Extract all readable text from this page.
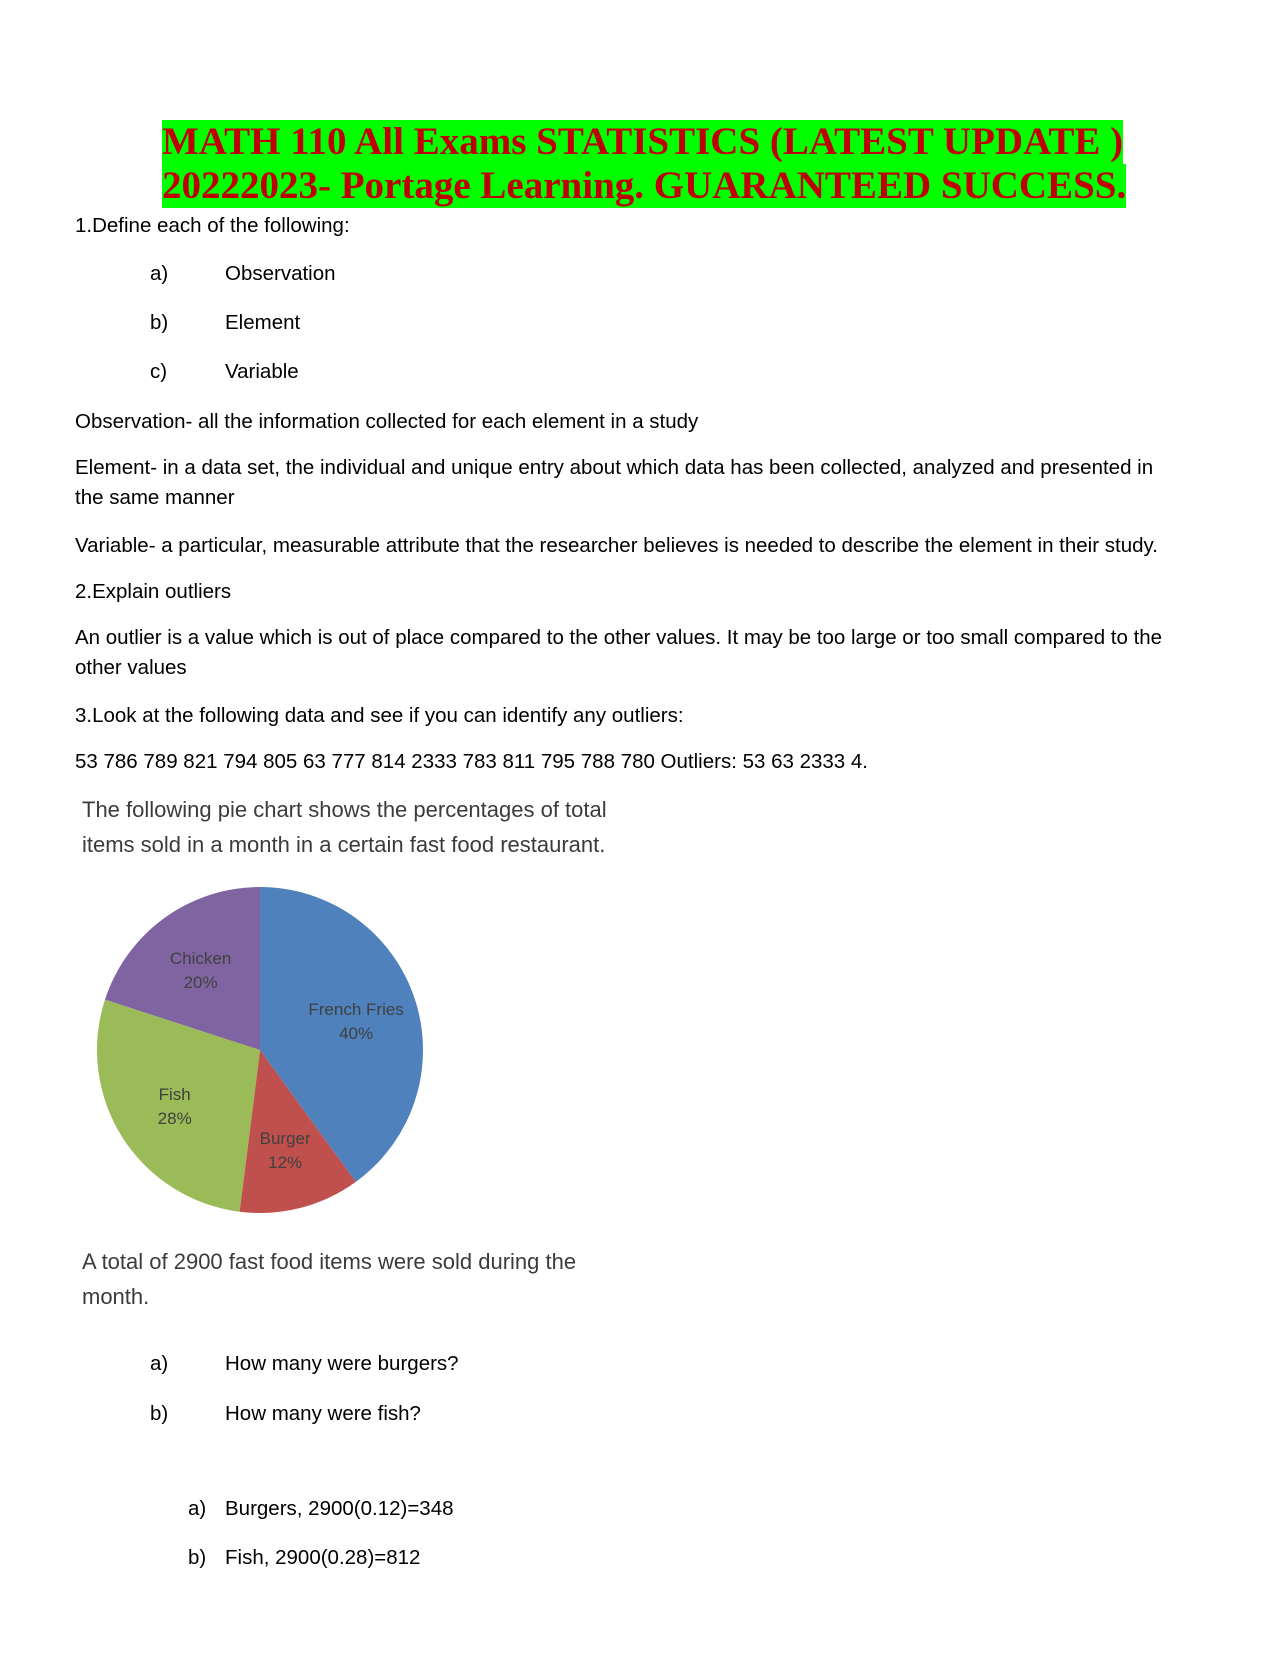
MATH 110 All Exams STATISTICS (LATEST UPDATE )
20222023- Portage Learning. GUARANTEED SUCCESS.
1.Define each of the following:
a)	Observation
b)	Element
c)	Variable
Observation- all the information collected for each element in a study
Element- in a data set, the individual and unique entry about which data has been collected, analyzed and presented in the same manner
Variable- a particular, measurable attribute that the researcher believes is needed to describe the element in their study.
2.Explain outliers
An outlier is a value which is out of place compared to the other values. It may be too large or too small compared to the other values
3.Look at the following data and see if you can identify any outliers:
53 786 789 821 794 805 63 777 814 2333 783 811 795 788 780 Outliers: 53 63 2333 4.
The following pie chart shows the percentages of total items sold in a month in a certain fast food restaurant.
French Fries
40%
Burger
12%
Fish
28%
Chicken
20%
A total of 2900 fast food items were sold during the month.
a)	How many were burgers?
b)	How many were fish?
a) Burgers, 2900(0.12)=348
b) Fish, 2900(0.28)=812
